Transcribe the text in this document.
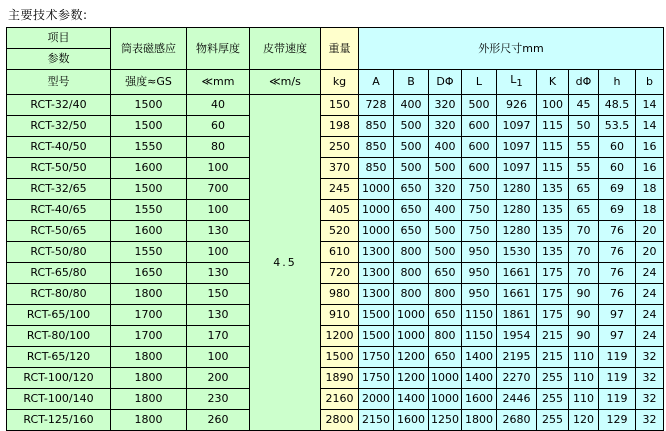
主要技术参数:
项目	筒表磁感应	物料厚度	皮带速度	重量	外形尺寸mm								
参数													
型号	强度≈GS	≪mm	≪m/s	kg	A	B	DΦ	L	L1	K	dΦ	h	b
RCT-32/40	1500	40	4.5	150	728	400	320	500	926	100	45	48.5	14
RCT-32/50	1500	60		198	850	500	320	600	1097	115	50	53.5	14
RCT-40/50	1550	80		250	850	500	400	600	1097	115	55	60	16
RCT-50/50	1600	100		370	850	500	500	600	1097	115	55	60	16
RCT-32/65	1500	700		245	1000	650	320	750	1280	135	65	69	18
RCT-40/65	1550	100		405	1000	650	400	750	1280	135	65	69	18
RCT-50/65	1600	130		520	1000	650	500	750	1280	135	70	76	20
RCT-50/80	1550	100		610	1300	800	500	950	1530	135	70	76	20
RCT-65/80	1650	130		720	1300	800	650	950	1661	175	70	76	24
RCT-80/80	1800	150		980	1300	800	800	950	1661	175	90	76	24
RCT-65/100	1700	130		910	1500	1000	650	1150	1861	175	90	97	24
RCT-80/100	1700	170		1200	1500	1000	800	1150	1954	215	90	97	24
RCT-65/120	1800	100		1500	1750	1200	650	1400	2195	215	110	119	32
RCT-100/120	1800	200		1890	1750	1200	1000	1400	2270	255	110	119	32
RCT-100/140	1800	230		2160	2000	1400	1000	1600	2446	255	110	119	32
RCT-125/160	1800	260		2800	2150	1600	1250	1800	2680	255	120	129	32
